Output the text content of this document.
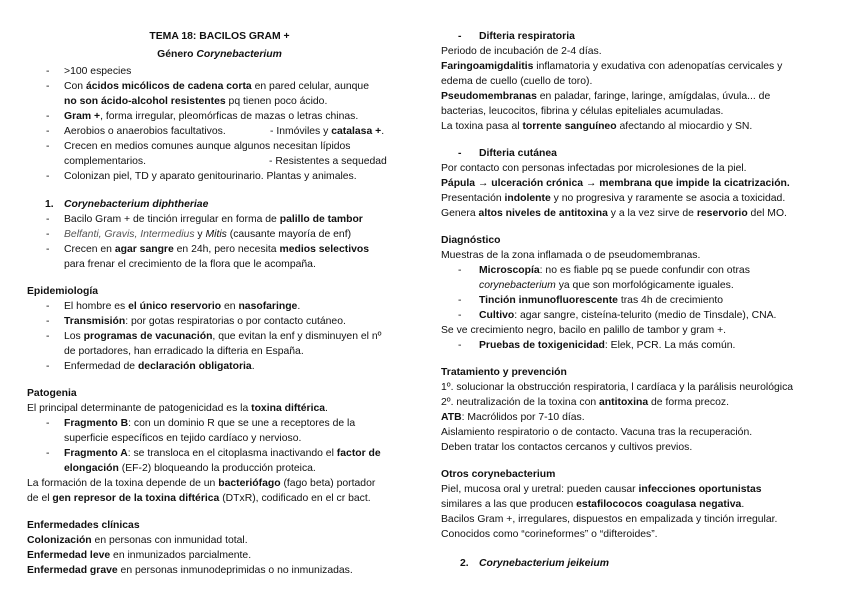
TEMA 18: BACILOS GRAM +
Género Corynebacterium
- >100 especies
- Con ácidos micólicos de cadena corta en pared celular, aunque
no son ácido-alcohol resistentes pq tienen poco ácido.
- Gram +, forma irregular, pleomórficas de mazas o letras chinas.
- Aerobios o anaerobios facultativos.	- Inmóviles y catalasa +.
- Crecen en medios comunes aunque algunos necesitan lípidos
complementarios.	- Resistentes a sequedad
- Colonizan piel, TD y aparato genitourinario. Plantas y animales.
1. Corynebacterium diphtheriae
- Bacilo Gram + de tinción irregular en forma de palillo de tambor
- Belfanti, Gravis, Intermedius y Mitis (causante mayoría de enf)
- Crecen en agar sangre en 24h, pero necesita medios selectivos
para frenar el crecimiento de la flora que le acompaña.
Epidemiología
- El hombre es el único reservorio en nasofaringe.
- Transmisión: por gotas respiratorias o por contacto cutáneo.
- Los programas de vacunación, que evitan la enf y disminuyen el nº
de portadores, han erradicado la difteria en España.
- Enfermedad de declaración obligatoria.
Patogenia
El principal determinante de patogenicidad es la toxina diftérica.
- Fragmento B: con un dominio R que se une a receptores de la
superficie específicos en tejido cardíaco y nervioso.
- Fragmento A: se transloca en el citoplasma inactivando el factor de
elongación (EF-2) bloqueando la producción proteica.
La formación de la toxina depende de un bacteriófago (fago beta) portador
de el gen represor de la toxina diftérica (DTxR), codificado en el cr bact.
Enfermedades clínicas
Colonización en personas con inmunidad total.
Enfermedad leve en inmunizados parcialmente.
Enfermedad grave en personas inmunodeprimidas o no inmunizadas.
- Difteria respiratoria
Periodo de incubación de 2-4 días.
Faringoamigdalitis inflamatoria y exudativa con adenopatías cervicales y
edema de cuello (cuello de toro).
Pseudomembranas en paladar, faringe, laringe, amígdalas, úvula... de
bacterias, leucocitos, fibrina y células epiteliales acumuladas.
La toxina pasa al torrente sanguíneo afectando al miocardio y SN.
- Difteria cutánea
Por contacto con personas infectadas por microlesiones de la piel.
Pápula → ulceración crónica → membrana que impide la cicatrización.
Presentación indolente y no progresiva y raramente se asocia a toxicidad.
Genera altos niveles de antitoxina y a la vez sirve de reservorio del MO.
Diagnóstico
Muestras de la zona inflamada o de pseudomembranas.
- Microscopía: no es fiable pq se puede confundir con otras
corynebacterium ya que son morfológicamente iguales.
- Tinción inmunofluorescente tras 4h de crecimiento
- Cultivo: agar sangre, cisteína-telurito (medio de Tinsdale), CNA.
Se ve crecimiento negro, bacilo en palillo de tambor y gram +.
- Pruebas de toxigenicidad: Elek, PCR. La más común.
Tratamiento y prevención
1º. solucionar la obstrucción respiratoria, l cardíaca y la parálisis neurológica
2º. neutralización de la toxina con antitoxina de forma precoz.
ATB: Macrólidos por 7-10 días.
Aislamiento respiratorio o de contacto. Vacuna tras la recuperación.
Deben tratar los contactos cercanos y cultivos previos.
Otros corynebacterium
Piel, mucosa oral y uretral: pueden causar infecciones oportunistas
similares a las que producen estafilococos coagulasa negativa.
Bacilos Gram +, irregulares, dispuestos en empalizada y tinción irregular.
Conocidos como “corineformes” o “difteroides”.
2. Corynebacterium jeikeium
